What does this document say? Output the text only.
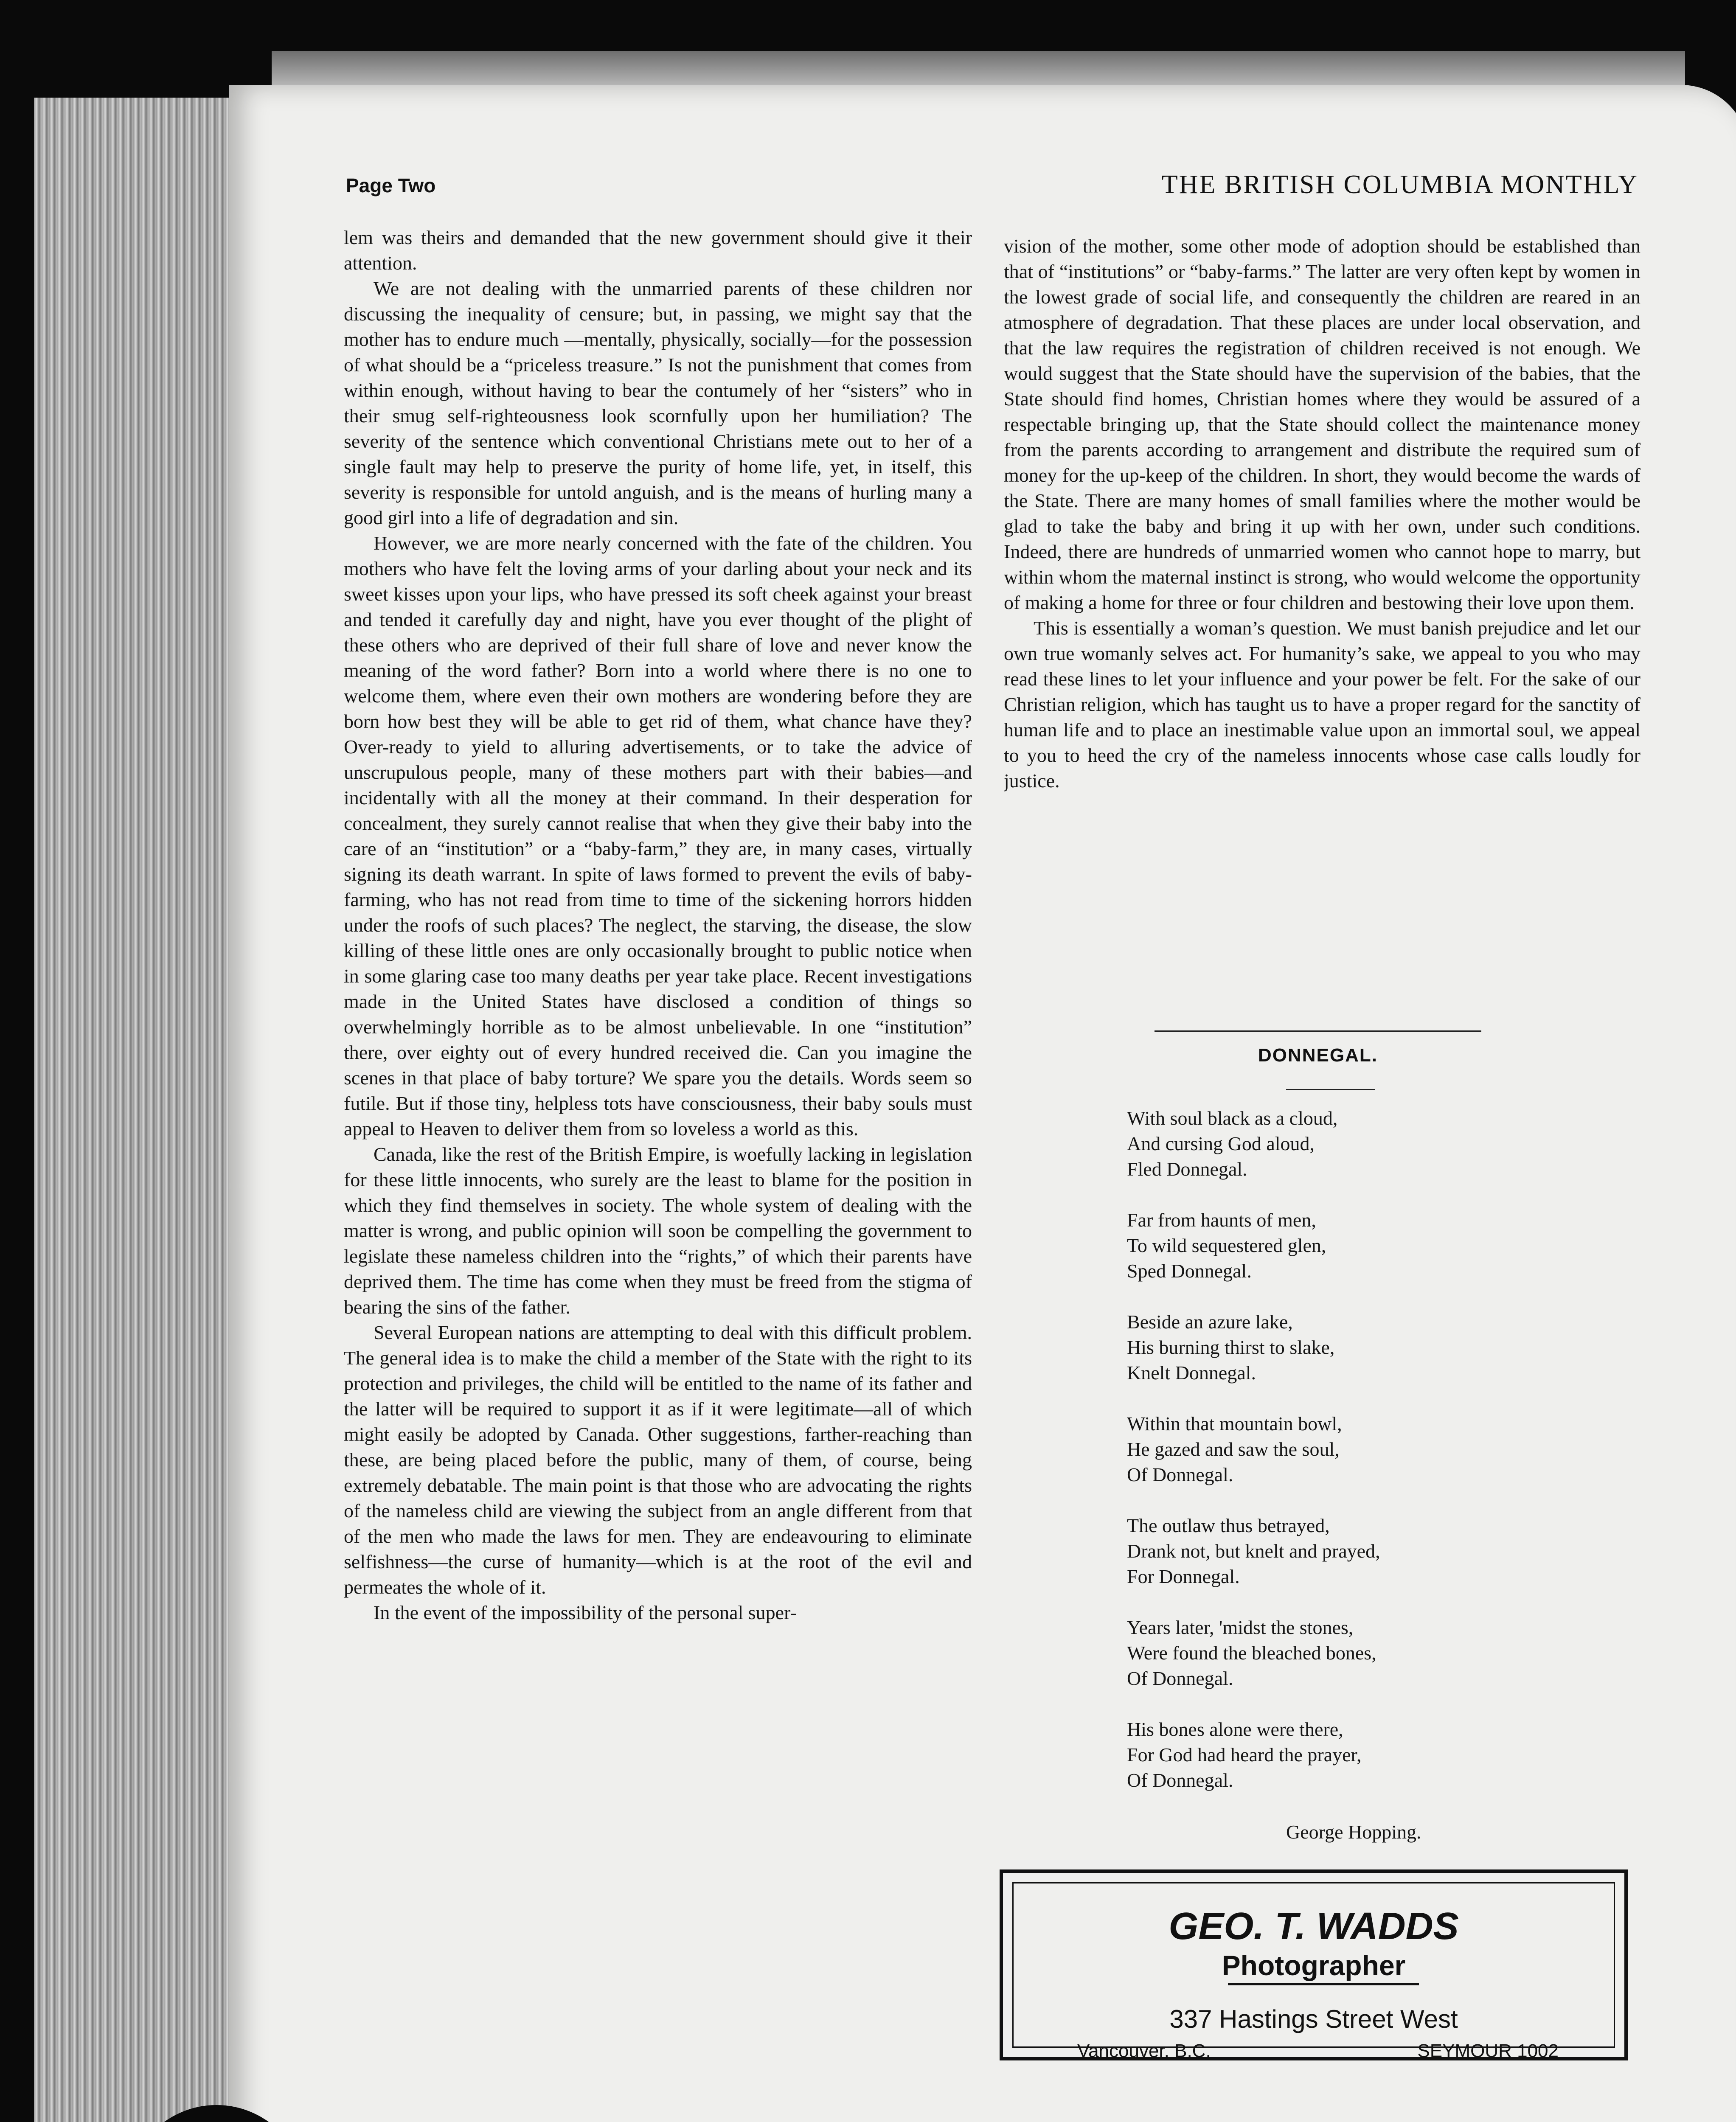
Page Two	THE BRITISH COLUMBIA MONTHLY

lem was theirs and demanded that the new government should give it their attention.

We are not dealing with the unmarried parents of these children nor discussing the inequality of censure; but, in passing, we might say that the mother has to endure much —mentally, physically, socially—for the possession of what should be a “priceless treasure.” Is not the punishment that comes from within enough, without having to bear the contumely of her “sisters” who in their smug self-righteousness look scornfully upon her humiliation? The severity of the sentence which conventional Christians mete out to her of a single fault may help to preserve the purity of home life, yet, in itself, this severity is responsible for untold anguish, and is the means of hurling many a good girl into a life of degradation and sin.

However, we are more nearly concerned with the fate of the children. You mothers who have felt the loving arms of your darling about your neck and its sweet kisses upon your lips, who have pressed its soft cheek against your breast and tended it carefully day and night, have you ever thought of the plight of these others who are deprived of their full share of love and never know the meaning of the word father? Born into a world where there is no one to welcome them, where even their own mothers are wondering before they are born how best they will be able to get rid of them, what chance have they? Over-ready to yield to alluring advertisements, or to take the advice of unscrupulous people, many of these mothers part with their babies—and incidentally with all the money at their command. In their desperation for concealment, they surely cannot realise that when they give their baby into the care of an “institution” or a “baby-farm,” they are, in many cases, virtually signing its death warrant. In spite of laws formed to prevent the evils of baby-farming, who has not read from time to time of the sickening horrors hidden under the roofs of such places? The neglect, the starving, the disease, the slow killing of these little ones are only occasionally brought to public notice when in some glaring case too many deaths per year take place. Recent investigations made in the United States have disclosed a condition of things so overwhelmingly horrible as to be almost unbelievable. In one “institution” there, over eighty out of every hundred received die. Can you imagine the scenes in that place of baby torture? We spare you the details. Words seem so futile. But if those tiny, helpless tots have consciousness, their baby souls must appeal to Heaven to deliver them from so loveless a world as this.

Canada, like the rest of the British Empire, is woefully lacking in legislation for these little innocents, who surely are the least to blame for the position in which they find themselves in society. The whole system of dealing with the matter is wrong, and public opinion will soon be compelling the government to legislate these nameless children into the “rights,” of which their parents have deprived them. The time has come when they must be freed from the stigma of bearing the sins of the father.

Several European nations are attempting to deal with this difficult problem. The general idea is to make the child a member of the State with the right to its protection and privileges, the child will be entitled to the name of its father and the latter will be required to support it as if it were legitimate—all of which might easily be adopted by Canada. Other suggestions, farther-reaching than these, are being placed before the public, many of them, of course, being extremely debatable. The main point is that those who are advocating the rights of the nameless child are viewing the subject from an angle different from that of the men who made the laws for men. They are endeavouring to eliminate selfishness—the curse of humanity—which is at the root of the evil and permeates the whole of it.

In the event of the impossibility of the personal super-

vision of the mother, some other mode of adoption should be established than that of “institutions” or “baby-farms.” The latter are very often kept by women in the lowest grade of social life, and consequently the children are reared in an atmosphere of degradation. That these places are under local observation, and that the law requires the registration of children received is not enough. We would suggest that the State should have the supervision of the babies, that the State should find homes, Christian homes where they would be assured of a respectable bringing up, that the State should collect the maintenance money from the parents according to arrangement and distribute the required sum of money for the up-keep of the children. In short, they would become the wards of the State. There are many homes of small families where the mother would be glad to take the baby and bring it up with her own, under such conditions. Indeed, there are hundreds of unmarried women who cannot hope to marry, but within whom the maternal instinct is strong, who would welcome the opportunity of making a home for three or four children and bestowing their love upon them.

This is essentially a woman’s question. We must banish prejudice and let our own true womanly selves act. For humanity’s sake, we appeal to you who may read these lines to let your influence and your power be felt. For the sake of our Christian religion, which has taught us to have a proper regard for the sanctity of human life and to place an inestimable value upon an immortal soul, we appeal to you to heed the cry of the nameless innocents whose case calls loudly for justice.

DONNEGAL.
With soul black as a cloud,
And cursing God aloud,
Fled Donnegal.
Far from haunts of men,
To wild sequestered glen,
Sped Donnegal.
Beside an azure lake,
His burning thirst to slake,
Knelt Donnegal.
Within that mountain bowl,
He gazed and saw the soul,
Of Donnegal.
The outlaw thus betrayed,
Drank not, but knelt and prayed,
For Donnegal.
Years later, 'midst the stones,
Were found the bleached bones,
Of Donnegal.
His bones alone were there,
For God had heard the prayer,
Of Donnegal.
George Hopping.
GEO. T. WADDS
Photographer
337 Hastings Street West
Vancouver, B.C.	SEYMOUR 1002
